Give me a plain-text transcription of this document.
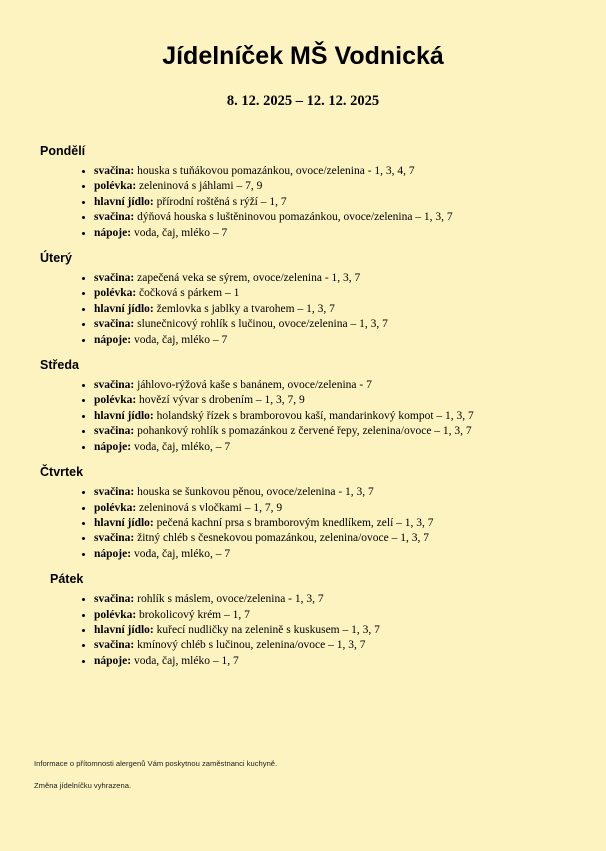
Jídelníček MŠ Vodnická
8. 12. 2025 – 12. 12. 2025
Pondělí
svačina: houska s tuňákovou pomazánkou, ovoce/zelenina - 1, 3, 4, 7
polévka: zeleninová s jáhlami – 7, 9
hlavní jídlo: přírodní roštěná s rýží – 1, 7
svačina: dýňová houska s luštěninovou pomazánkou, ovoce/zelenina – 1, 3, 7
nápoje: voda, čaj, mléko – 7
Úterý
svačina: zapečená veka se sýrem, ovoce/zelenina - 1, 3, 7
polévka: čočková s párkem – 1
hlavní jídlo: žemlovka s jablky a tvarohem – 1, 3, 7
svačina: slunečnicový rohlík s lučinou, ovoce/zelenina – 1, 3, 7
nápoje: voda, čaj, mléko – 7
Středa
svačina: jáhlovo-rýžová kaše s banánem, ovoce/zelenina - 7
polévka: hovězí vývar s drobením – 1, 3, 7, 9
hlavní jídlo: holandský řízek s bramborovou kaší, mandarinkový kompot – 1, 3, 7
svačina: pohankový rohlík s pomazánkou z červené řepy, zelenina/ovoce – 1, 3, 7
nápoje: voda, čaj, mléko, – 7
Čtvrtek
svačina: houska se šunkovou pěnou, ovoce/zelenina - 1, 3, 7
polévka: zeleninová s vločkami – 1, 7, 9
hlavní jídlo: pečená kachní prsa s bramborovým knedlíkem, zelí – 1, 3, 7
svačina: žitný chléb s česnekovou pomazánkou, zelenina/ovoce – 1, 3, 7
nápoje: voda, čaj, mléko, – 7
Pátek
svačina: rohlík s máslem, ovoce/zelenina - 1, 3, 7
polévka: brokolicový krém – 1, 7
hlavní jídlo: kuřecí nudličky na zelenině s kuskusem – 1, 3, 7
svačina: kmínový chléb s lučinou, zelenina/ovoce – 1, 3, 7
nápoje: voda, čaj, mléko – 1, 7
Informace o přítomnosti alergenů Vám poskytnou zaměstnanci kuchyně.
Změna jídelníčku vyhrazena.
